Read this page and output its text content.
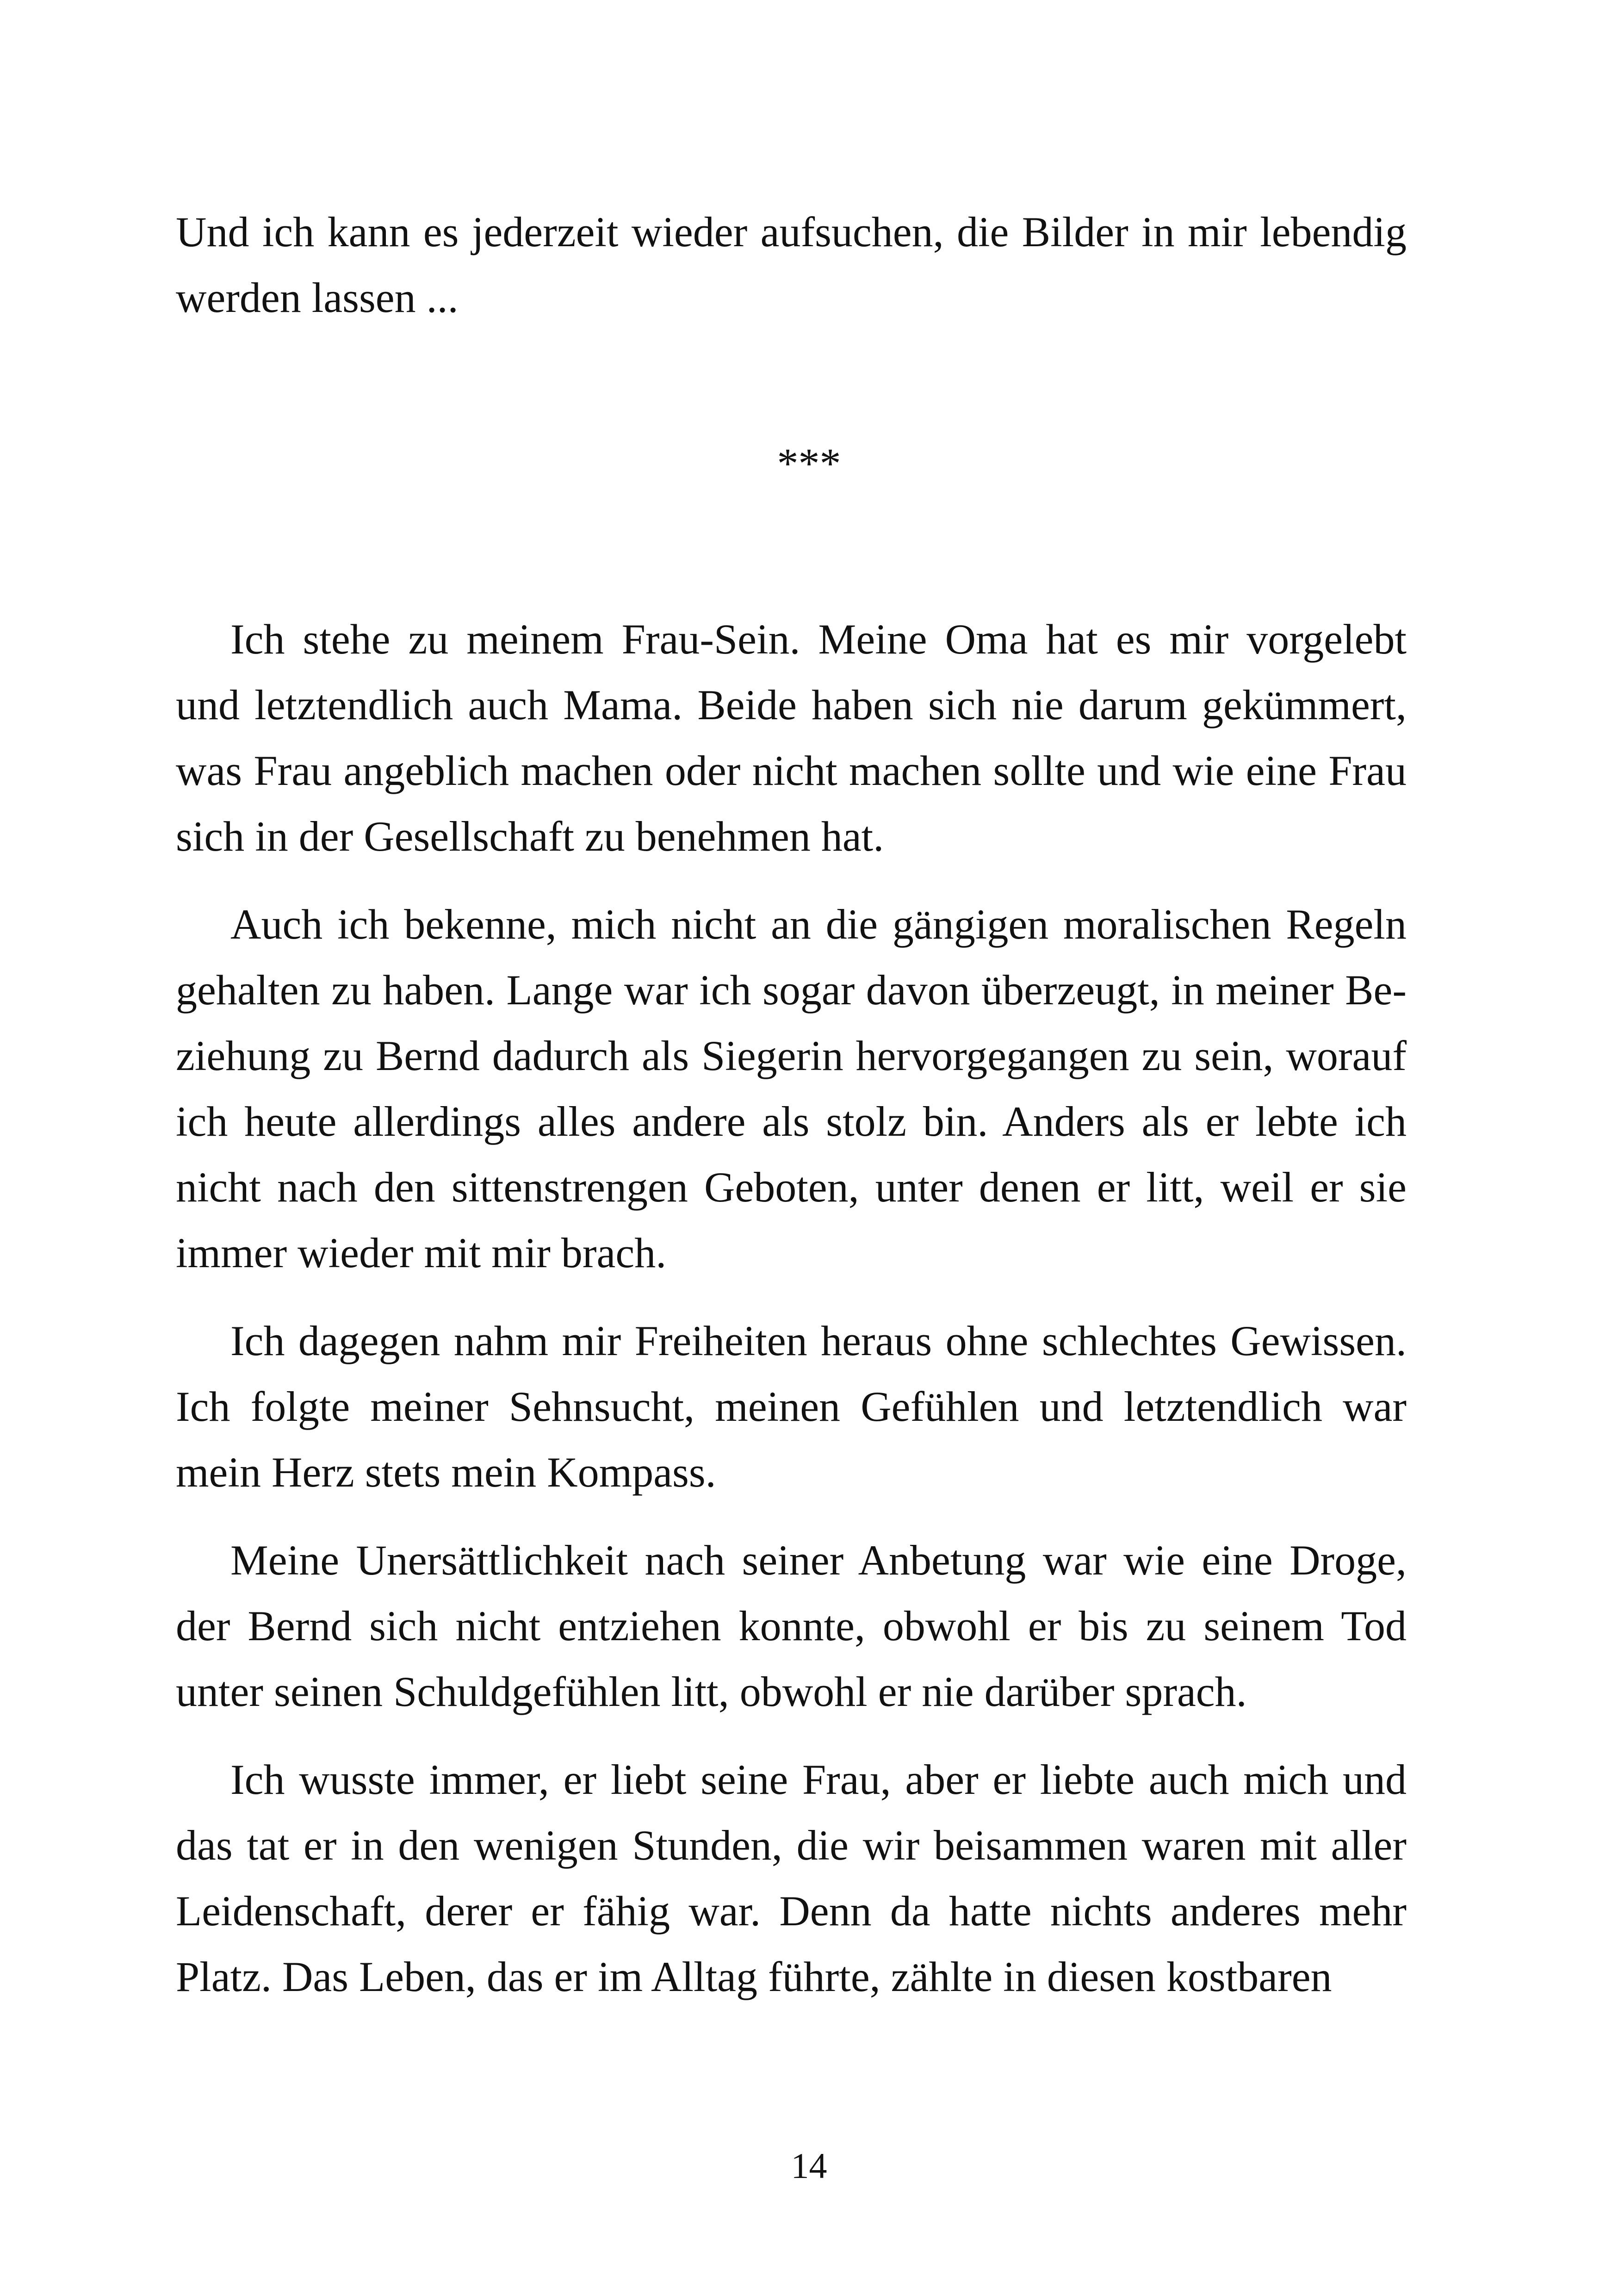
Und ich kann es jederzeit wieder aufsuchen, die Bilder in mir lebendig werden lassen ...

***

Ich stehe zu meinem Frau-Sein. Meine Oma hat es mir vorgelebt und letztendlich auch Mama. Beide haben sich nie darum gekümmert, was Frau angeblich machen oder nicht machen sollte und wie eine Frau sich in der Gesellschaft zu benehmen hat.

Auch ich bekenne, mich nicht an die gängigen moralischen Regeln gehalten zu haben. Lange war ich sogar davon überzeugt, in meiner Beziehung zu Bernd dadurch als Siegerin hervorgegangen zu sein, worauf ich heute allerdings alles andere als stolz bin. Anders als er lebte ich nicht nach den sittenstrengen Geboten, unter denen er litt, weil er sie immer wieder mit mir brach.

Ich dagegen nahm mir Freiheiten heraus ohne schlechtes Gewissen. Ich folgte meiner Sehnsucht, meinen Gefühlen und letztendlich war mein Herz stets mein Kompass.

Meine Unersättlichkeit nach seiner Anbetung war wie eine Droge, der Bernd sich nicht entziehen konnte, obwohl er bis zu seinem Tod unter seinen Schuldgefühlen litt, obwohl er nie darüber sprach.

Ich wusste immer, er liebt seine Frau, aber er liebte auch mich und das tat er in den wenigen Stunden, die wir beisammen waren mit aller Leidenschaft, derer er fähig war. Denn da hatte nichts anderes mehr Platz. Das Leben, das er im Alltag führte, zählte in diesen kostbaren

14
